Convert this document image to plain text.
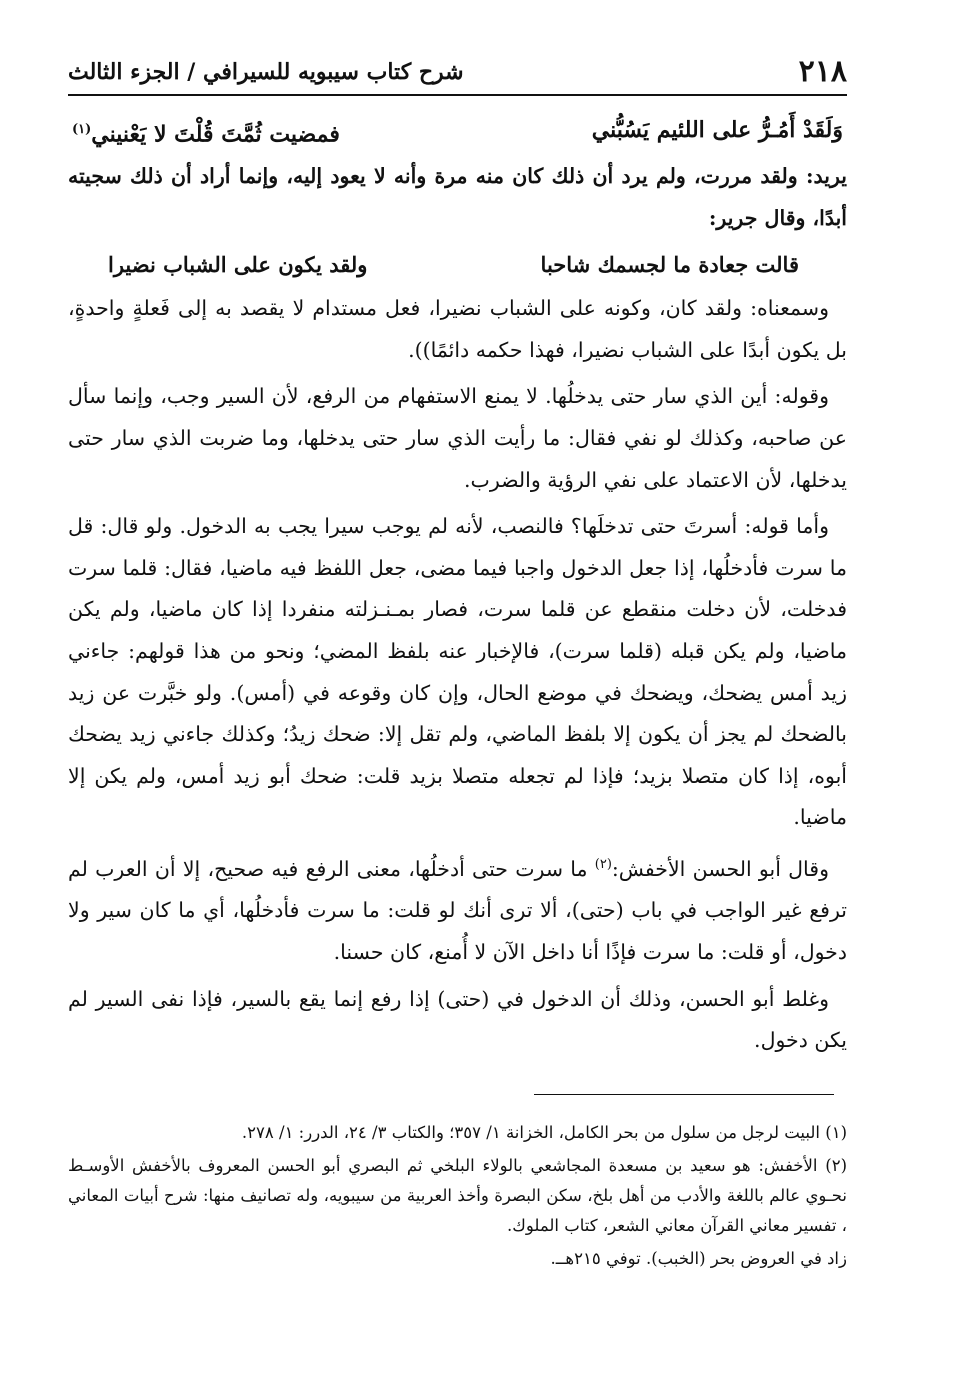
٢١٨
شرح كتاب سيبويه للسيرافي / الجزء الثالث
وَلَقَدْ أَمُـرُّ على اللئيم يَسُبُّني
فمضيت ثُمَّتَ قُلْتَ لا يَعْنيني$^{(١)}$

يريد: ولقد مررت، ولم يرد أن ذلك كان منه مرة وأنه لا يعود إليه، وإنما أراد أن ذلك سجيته أبدًا، وقال جرير:

قالت جعادة ما لجسمك شاحبا
ولقد يكون على الشباب نضيرا

وسمعناه: ولقد كان، وكونه على الشباب نضيرا، فعل مستدام لا يقصد به إلى فَعلةٍ واحدةٍ، بل يكون أبدًا على الشباب نضيرا، فهذا حكمه دائمًا)).

وقوله: أين الذي سار حتى يدخلُها. لا يمنع الاستفهام من الرفع، لأن السير وجب، وإنما سأل عن صاحبه، وكذلك لو نفي فقال: ما رأيت الذي سار حتى يدخلها، وما ضربت الذي سار حتى يدخلها، لأن الاعتماد على نفي الرؤية والضرب.

وأما قوله: أسرتَ حتى تدخلَها؟ فالنصب، لأنه لم يوجب سيرا يجب به الدخول. ولو قال: قل ما سرت فأدخلُها، إذا جعل الدخول واجبا فيما مضى، جعل اللفظ فيه ماضيا، فقال: قلما سرت فدخلت، لأن دخلت منقطع عن قلما سرت، فصار بمـنـزلته منفردا إذا كان ماضيا، ولم يكن ماضيا، ولم يكن قبله (قلما سرت)، فالإخبار عنه بلفظ المضي؛ ونحو من هذا قولهم: جاءني زيد أمس يضحك، ويضحك في موضع الحال، وإن كان وقوعه في (أمس). ولو خبَّرت عن زيد بالضحك لم يجز أن يكون إلا بلفظ الماضي، ولم تقل إلا: ضحك زيدُ؛ وكذلك جاءني زيد يضحك أبوه، إذا كان متصلا بزيد؛ فإذا لم تجعله متصلا بزيد قلت: ضحك أبو زيد أمس، ولم يكن إلا ماضيا.

وقال أبو الحسن الأخفش:$^{(٢)}$ ما سرت حتى أدخلُها، معنى الرفع فيه صحيح، إلا أن العرب لم ترفع غير الواجب في باب (حتى)، ألا ترى أنك لو قلت: ما سرت فأدخلُها، أي ما كان سير ولا دخول، أو قلت: ما سرت فإذًا أنا داخل الآن لا أُمنع، كان حسنا.

وغلط أبو الحسن، وذلك أن الدخول في (حتى) إذا رفع إنما يقع بالسير، فإذا نفى السير لم يكن دخول.

(١) البيت لرجل من سلول من بحر الكامل، الخزانة ١/ ٣٥٧؛ والكتاب ٣/ ٢٤، الدرر: ١/ ٢٧٨.

(٢) الأخفش: هو سعيد بن مسعدة المجاشعي بالولاء البلخي ثم البصري أبو الحسن المعروف بالأخفش الأوسـط نحـوي عالم باللغة والأدب من أهل بلخ، سكن البصرة وأخذ العربية من سيبويه، وله تصانيف منها: شرح أبيات المعاني ، تفسير معاني القرآن معاني الشعر، كتاب الملوك.

زاد في العروض بحر (الخبب). توفي ٢١٥هــ.
